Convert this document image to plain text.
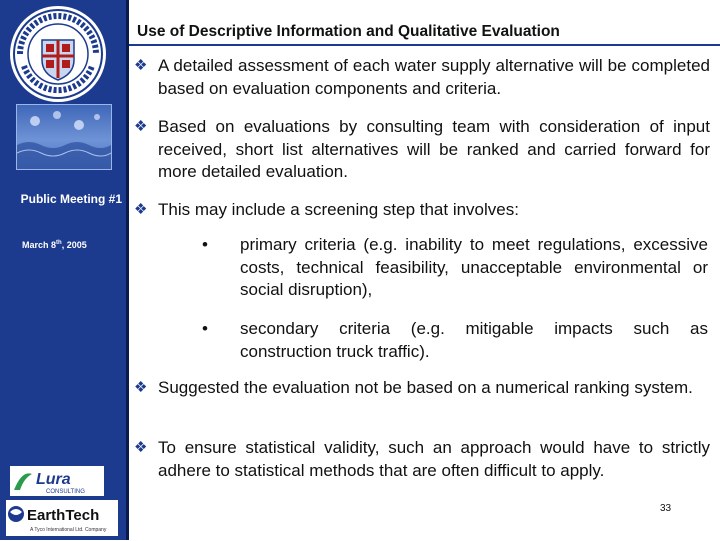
Public Meeting #1
March 8th, 2005
Lura
CONSULTING
EarthTech
A Tyco International Ltd. Company
Use of Descriptive Information and Qualitative Evaluation
❖ A detailed assessment of each water supply alternative will be completed based on evaluation components and criteria.
❖ Based on evaluations by consulting team with consideration of input received, short list alternatives will be ranked and carried forward for more detailed evaluation.
❖ This may include a screening step that involves:
• primary criteria (e.g. inability to meet regulations, excessive costs, technical feasibility, unacceptable environmental or social disruption),
• secondary criteria (e.g. mitigable impacts such as construction truck traffic).
❖ Suggested the evaluation not be based on a numerical ranking system.
❖ To ensure statistical validity, such an approach would have to strictly adhere to statistical methods that are often difficult to apply.
33
